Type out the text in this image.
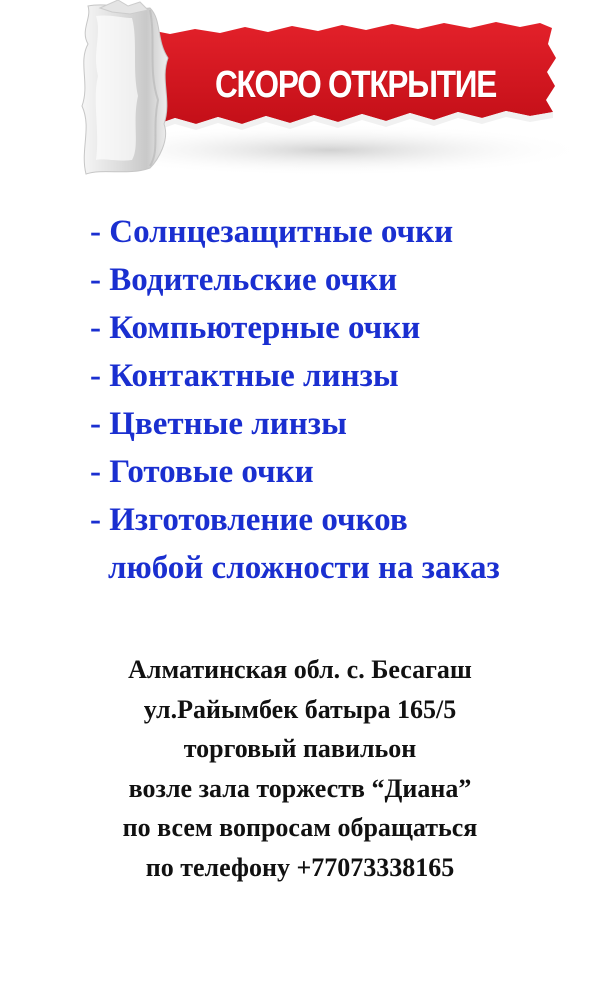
СКОРО ОТКРЫТИЕ
- Солнцезащитные очки
- Водительские очки
- Компьютерные очки
- Контактные линзы
- Цветные линзы
- Готовые очки
- Изготовление очков
любой сложности на заказ
Алматинская обл. с. Бесагаш
ул.Райымбек батыра 165/5
торговый павильон
возле зала торжеств “Диана”
по всем вопросам обращаться
по телефону +77073338165
